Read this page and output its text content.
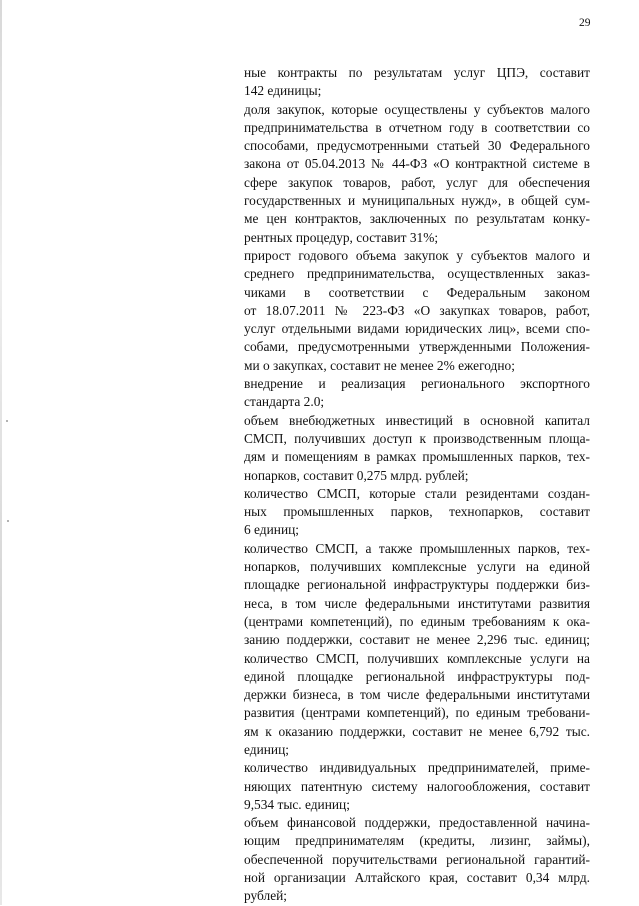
29
ные контракты по результатам услуг ЦПЭ, составит
142 единицы;
доля закупок, которые осуществлены у субъектов малого
предпринимательства в отчетном году в соответствии со
способами, предусмотренными статьей 30 Федерального
закона от 05.04.2013 № 44-ФЗ «О контрактной системе в
сфере закупок товаров, работ, услуг для обеспечения
государственных и муниципальных нужд», в общей сум-
ме цен контрактов, заключенных по результатам конку-
рентных процедур, составит 31%;
прирост годового объема закупок у субъектов малого и
среднего предпринимательства, осуществленных заказ-
чиками в соответствии с Федеральным законом
от 18.07.2011 № 223-ФЗ «О закупках товаров, работ,
услуг отдельными видами юридических лиц», всеми спо-
собами, предусмотренными утвержденными Положения-
ми о закупках, составит не менее 2% ежегодно;
внедрение и реализация регионального экспортного
стандарта 2.0;
объем внебюджетных инвестиций в основной капитал
СМСП, получивших доступ к производственным площа-
дям и помещениям в рамках промышленных парков, тех-
нопарков, составит 0,275 млрд. рублей;
количество СМСП, которые стали резидентами создан-
ных промышленных парков, технопарков, составит
6 единиц;
количество СМСП, а также промышленных парков, тех-
нопарков, получивших комплексные услуги на единой
площадке региональной инфраструктуры поддержки биз-
неса, в том числе федеральными институтами развития
(центрами компетенций), по единым требованиям к ока-
занию поддержки, составит не менее 2,296 тыс. единиц;
количество СМСП, получивших комплексные услуги на
единой площадке региональной инфраструктуры под-
держки бизнеса, в том числе федеральными институтами
развития (центрами компетенций), по единым требовани-
ям к оказанию поддержки, составит не менее 6,792 тыс.
единиц;
количество индивидуальных предпринимателей, приме-
няющих патентную систему налогообложения, составит
9,534 тыс. единиц;
объем финансовой поддержки, предоставленной начина-
ющим предпринимателям (кредиты, лизинг, займы),
обеспеченной поручительствами региональной гарантий-
ной организации Алтайского края, составит 0,34 млрд.
рублей;
